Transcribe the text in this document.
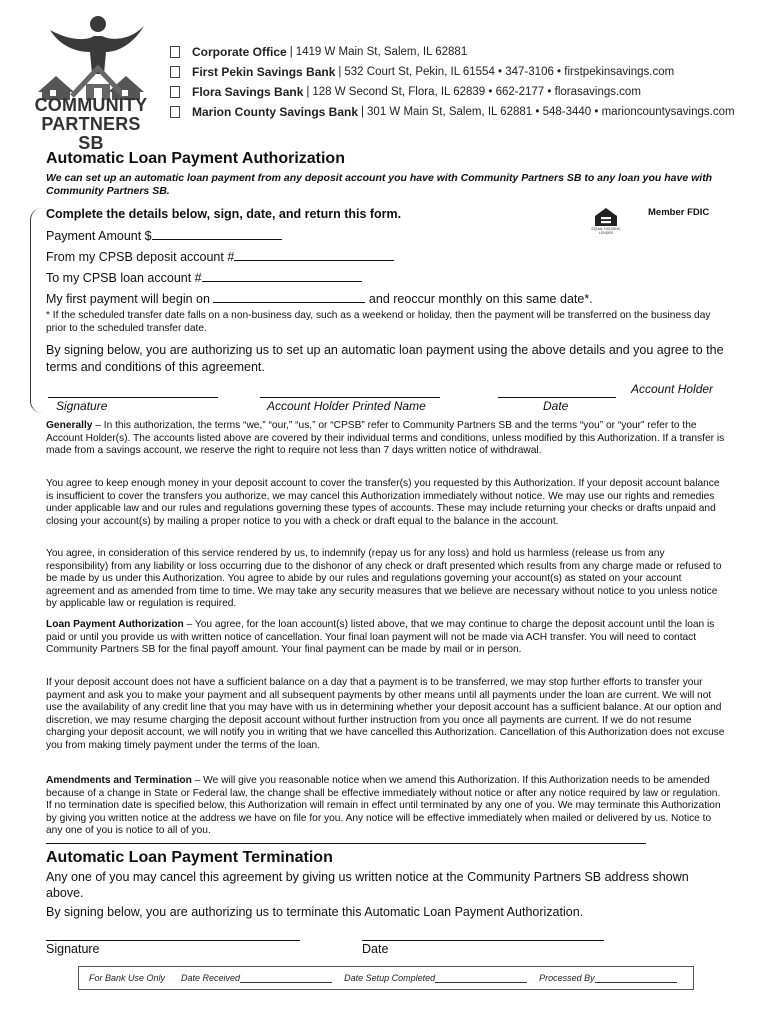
COMMUNITY
PARTNERS SB
Corporate Office | 1419 W Main St, Salem, IL 62881
First Pekin Savings Bank | 532 Court St, Pekin, IL 61554 • 347-3106 • firstpekinsavings.com
Flora Savings Bank | 128 W Second St, Flora, IL 62839 • 662-2177 • florasavings.com
Marion County Savings Bank | 301 W Main St, Salem, IL 62881 • 548-3440 • marioncountysavings.com
Automatic Loan Payment Authorization
We can set up an automatic loan payment from any deposit account you have with Community Partners SB to any loan you have with Community Partners SB.
Complete the details below, sign, date, and return this form.
EQUAL HOUSING LENDER
Member FDIC
Payment Amount $
From my CPSB deposit account #
To my CPSB loan account #
My first payment will begin on	and reoccur monthly on this same date*.
* If the scheduled transfer date falls on a non-business day, such as a weekend or holiday, then the payment will be transferred on the business day prior to the scheduled transfer date.
By signing below, you are authorizing us to set up an automatic loan payment using the above details and you agree to the terms and conditions of this agreement.
Account Holder
Signature	Account Holder Printed Name	Date
Generally – In this authorization, the terms “we,” “our,” “us,” or “CPSB” refer to Community Partners SB and the terms “you” or “your” refer to the Account Holder(s). The accounts listed above are covered by their individual terms and conditions, unless modified by this Authorization. If a transfer is made from a savings account, we reserve the right to require not less than 7 days written notice of withdrawal.
You agree to keep enough money in your deposit account to cover the transfer(s) you requested by this Authorization. If your deposit account balance is insufficient to cover the transfers you authorize, we may cancel this Authorization immediately without notice. We may use our rights and remedies under applicable law and our rules and regulations governing these types of accounts. These may include returning your checks or drafts unpaid and closing your account(s) by mailing a proper notice to you with a check or draft equal to the balance in the account.
You agree, in consideration of this service rendered by us, to indemnify (repay us for any loss) and hold us harmless (release us from any responsibility) from any liability or loss occurring due to the dishonor of any check or draft presented which results from any charge made or refused to be made by us under this Authorization. You agree to abide by our rules and regulations governing your account(s) as stated on your account agreement and as amended from time to time. We may take any security measures that we believe are necessary without notice to you unless notice by applicable law or regulation is required.
Loan Payment Authorization – You agree, for the loan account(s) listed above, that we may continue to charge the deposit account until the loan is paid or until you provide us with written notice of cancellation. Your final loan payment will not be made via ACH transfer. You will need to contact Community Partners SB for the final payoff amount. Your final payment can be made by mail or in person.
If your deposit account does not have a sufficient balance on a day that a payment is to be transferred, we may stop further efforts to transfer your payment and ask you to make your payment and all subsequent payments by other means until all payments under the loan are current. We will not use the availability of any credit line that you may have with us in determining whether your deposit account has a sufficient balance. At our option and discretion, we may resume charging the deposit account without further instruction from you once all payments are current. If we do not resume charging your deposit account, we will notify you in writing that we have cancelled this Authorization. Cancellation of this Authorization does not excuse you from making timely payment under the terms of the loan.
Amendments and Termination – We will give you reasonable notice when we amend this Authorization. If this Authorization needs to be amended because of a change in State or Federal law, the change shall be effective immediately without notice or after any notice required by law or regulation. If no termination date is specified below, this Authorization will remain in effect until terminated by any one of you. We may terminate this Authorization by giving you written notice at the address we have on file for you. Any notice will be effective immediately when mailed or delivered by us. Notice to any one of you is notice to all of you.
Automatic Loan Payment Termination
Any one of you may cancel this agreement by giving us written notice at the Community Partners SB address shown above.
By signing below, you are authorizing us to terminate this Automatic Loan Payment Authorization.
Signature	Date
For Bank Use Only Date Received	Date Setup Completed	Processed By
